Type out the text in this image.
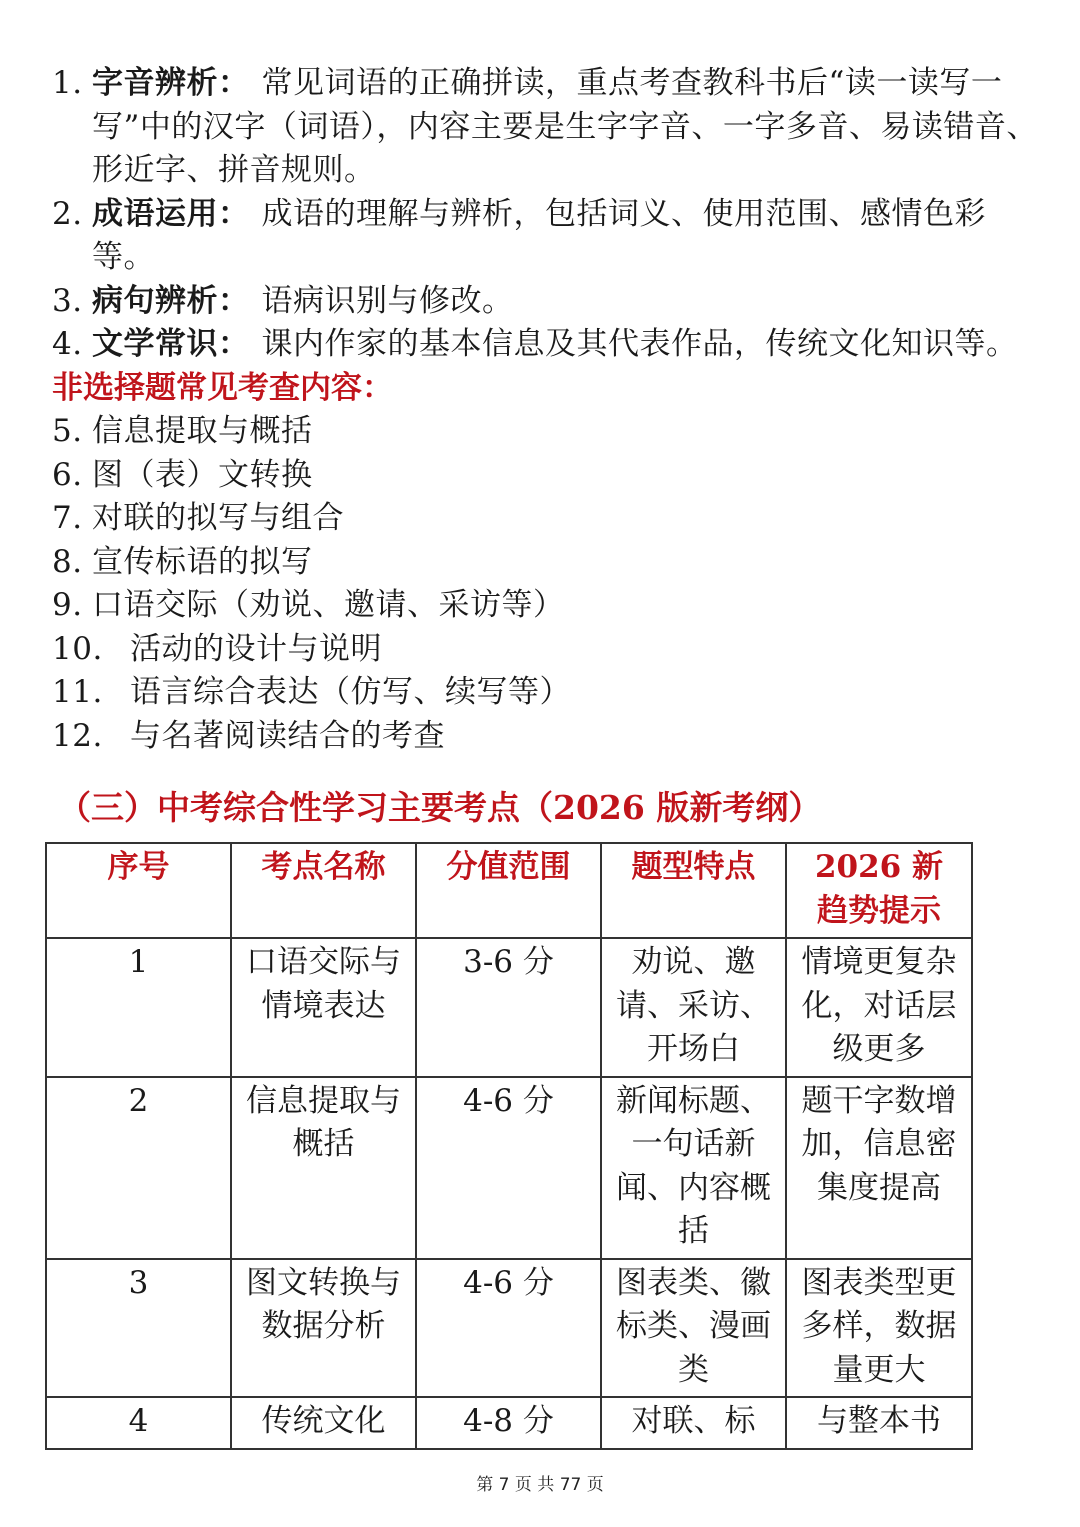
1. 字音辨析： 常见词语的正确拼读，重点考查教科书后“读一读写一写”中的汉字（词语），内容主要是生字字音、一字多音、易读错音、形近字、拼音规则。
2. 成语运用： 成语的理解与辨析，包括词义、使用范围、感情色彩等。
3. 病句辨析： 语病识别与修改。
4. 文学常识： 课内作家的基本信息及其代表作品，传统文化知识等。
非选择题常见考查内容：
5. 信息提取与概括
6. 图（表）文转换
7. 对联的拟写与组合
8. 宣传标语的拟写
9. 口语交际（劝说、邀请、采访等）
10. 活动的设计与说明
11. 语言综合表达（仿写、续写等）
12. 与名著阅读结合的考查
（三）中考综合性学习主要考点（2026 版新考纲）
序号	考点名称	分值范围	题型特点	2026 新趋势提示
1	口语交际与情境表达	3-6 分	劝说、邀请、采访、开场白	情境更复杂化，对话层级更多
2	信息提取与概括	4-6 分	新闻标题、一句话新闻、内容概括	题干字数增加，信息密集度提高
3	图文转换与数据分析	4-6 分	图表类、徽标类、漫画类	图表类型更多样，数据量更大
4	传统文化	4-8 分	对联、标	与整本书
第 7 页 共 77 页
